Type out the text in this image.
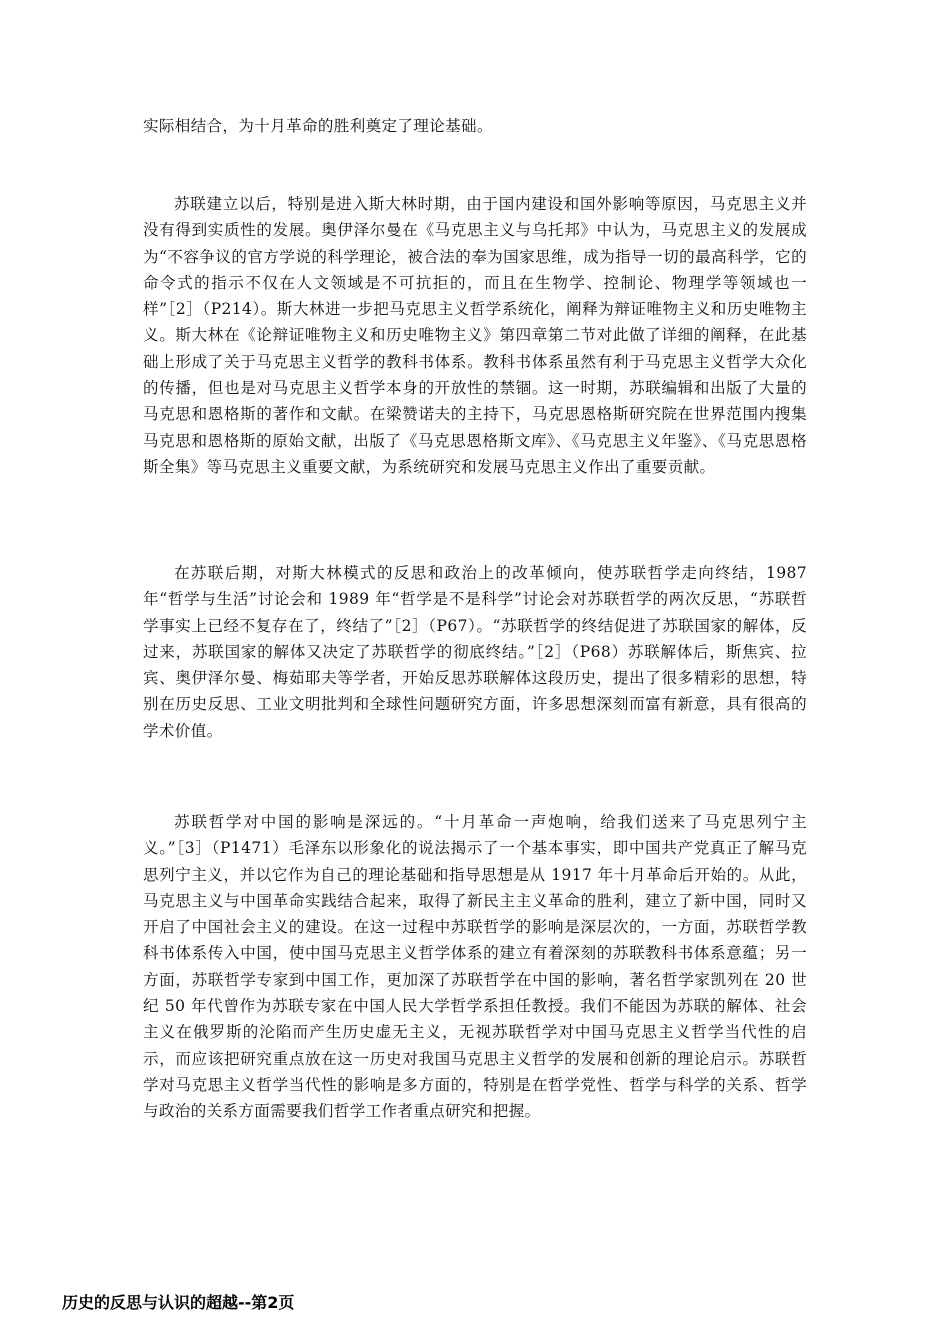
实际相结合，为十月革命的胜利奠定了理论基础。

苏联建立以后，特别是进入斯大林时期，由于国内建设和国外影响等原因，马克思主义并没有得到实质性的发展。奥伊泽尔曼在《马克思主义与乌托邦》中认为，马克思主义的发展成为“不容争议的官方学说的科学理论，被合法的奉为国家思维，成为指导一切的最高科学，它的命令式的指示不仅在人文领域是不可抗拒的，而且在生物学、控制论、物理学等领域也一样”［2］（P214）。斯大林进一步把马克思主义哲学系统化，阐释为辩证唯物主义和历史唯物主义。斯大林在《论辩证唯物主义和历史唯物主义》第四章第二节对此做了详细的阐释，在此基础上形成了关于马克思主义哲学的教科书体系。教科书体系虽然有利于马克思主义哲学大众化的传播，但也是对马克思主义哲学本身的开放性的禁锢。这一时期，苏联编辑和出版了大量的马克思和恩格斯的著作和文献。在梁赞诺夫的主持下，马克思恩格斯研究院在世界范围内搜集马克思和恩格斯的原始文献，出版了《马克思恩格斯文库》、《马克思主义年鉴》、《马克思恩格斯全集》等马克思主义重要文献，为系统研究和发展马克思主义作出了重要贡献。

在苏联后期，对斯大林模式的反思和政治上的改革倾向，使苏联哲学走向终结，1987 年“哲学与生活”讨论会和 1989 年“哲学是不是科学”讨论会对苏联哲学的两次反思，“苏联哲学事实上已经不复存在了，终结了”［2］（P67）。“苏联哲学的终结促进了苏联国家的解体，反过来，苏联国家的解体又决定了苏联哲学的彻底终结。”［2］（P68）苏联解体后，斯焦宾、拉宾、奥伊泽尔曼、梅茹耶夫等学者，开始反思苏联解体这段历史，提出了很多精彩的思想，特别在历史反思、工业文明批判和全球性问题研究方面，许多思想深刻而富有新意，具有很高的学术价值。

苏联哲学对中国的影响是深远的。“十月革命一声炮响，给我们送来了马克思列宁主义。”［3］（P1471）毛泽东以形象化的说法揭示了一个基本事实，即中国共产党真正了解马克思列宁主义，并以它作为自己的理论基础和指导思想是从 1917 年十月革命后开始的。从此，马克思主义与中国革命实践结合起来，取得了新民主主义革命的胜利，建立了新中国，同时又开启了中国社会主义的建设。在这一过程中苏联哲学的影响是深层次的，一方面，苏联哲学教科书体系传入中国，使中国马克思主义哲学体系的建立有着深刻的苏联教科书体系意蕴；另一方面，苏联哲学专家到中国工作，更加深了苏联哲学在中国的影响，著名哲学家凯列在 20 世纪 50 年代曾作为苏联专家在中国人民大学哲学系担任教授。我们不能因为苏联的解体、社会主义在俄罗斯的沦陷而产生历史虚无主义，无视苏联哲学对中国马克思主义哲学当代性的启示，而应该把研究重点放在这一历史对我国马克思主义哲学的发展和创新的理论启示。苏联哲学对马克思主义哲学当代性的影响是多方面的，特别是在哲学党性、哲学与科学的关系、哲学与政治的关系方面需要我们哲学工作者重点研究和把握。

历史的反思与认识的超越--第2页
